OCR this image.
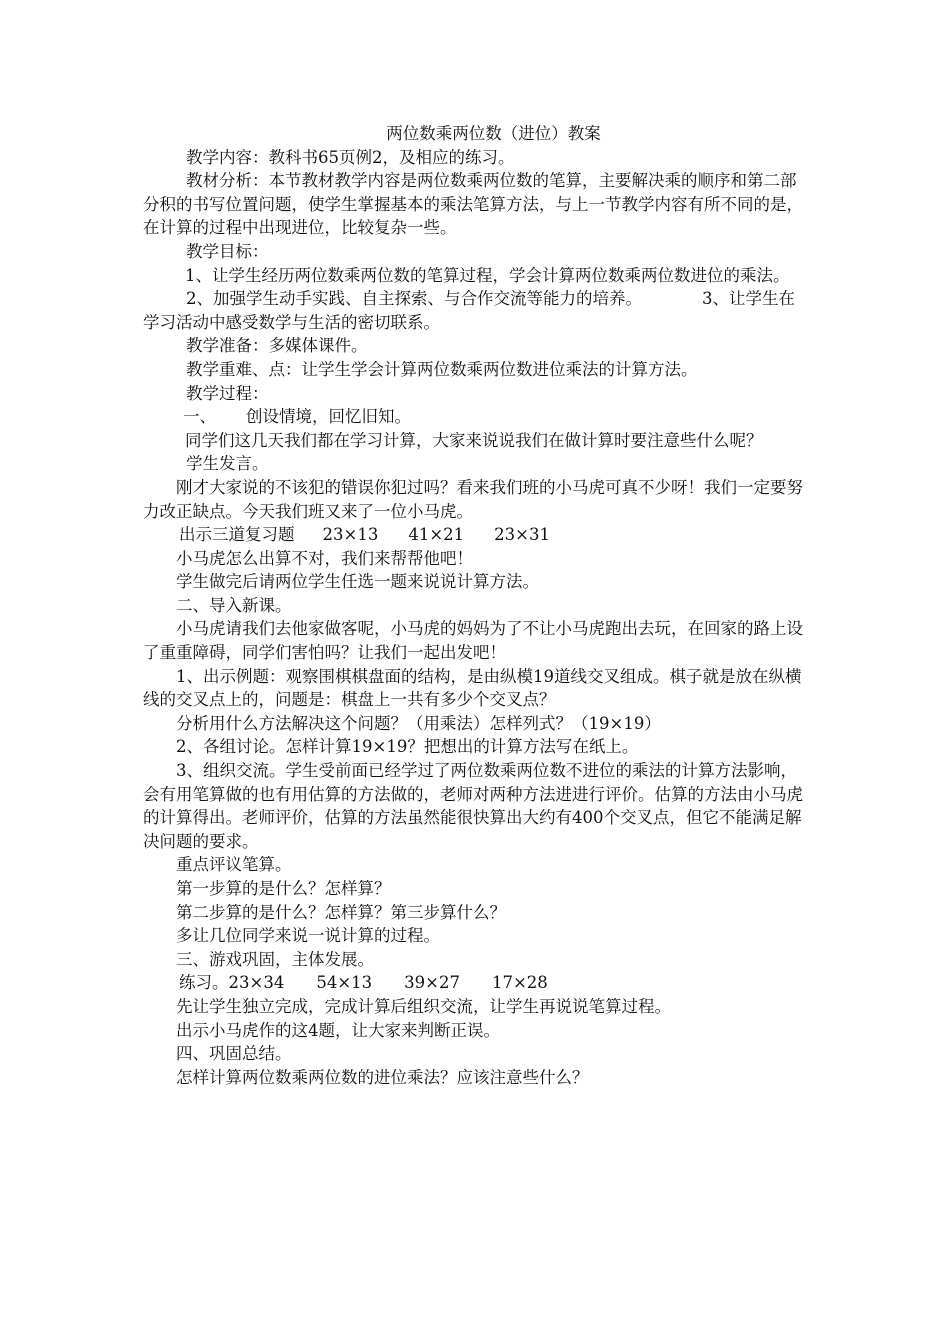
两位数乘两位数（进位）教案

教学内容：教科书65页例2，及相应的练习。

教材分析：本节教材教学内容是两位数乘两位数的笔算，主要解决乘的顺序和第二部分积的书写位置问题，使学生掌握基本的乘法笔算方法，与上一节教学内容有所不同的是，在计算的过程中出现进位，比较复杂一些。

教学目标：

1、让学生经历两位数乘两位数的笔算过程，学会计算两位数乘两位数进位的乘法。

2、加强学生动手实践、自主探索、与合作交流等能力的培养。	3、让学生在学习活动中感受数学与生活的密切联系。

教学准备：多媒体课件。

教学重难、点：让学生学会计算两位数乘两位数进位乘法的计算方法。

教学过程：

一、 创设情境，回忆旧知。

同学们这几天我们都在学习计算，大家来说说我们在做计算时要注意些什么呢？

学生发言。

刚才大家说的不该犯的错误你犯过吗？看来我们班的小马虎可真不少呀！我们一定要努力改正缺点。今天我们班又来了一位小马虎。

出示三道复习题 23×13 41×21 23×31

小马虎怎么出算不对，我们来帮帮他吧！

学生做完后请两位学生任选一题来说说计算方法。

二、导入新课。

小马虎请我们去他家做客呢，小马虎的妈妈为了不让小马虎跑出去玩，在回家的路上设了重重障碍，同学们害怕吗？让我们一起出发吧！

1、出示例题：观察围棋棋盘面的结构，是由纵模19道线交叉组成。棋子就是放在纵横线的交叉点上的，问题是：棋盘上一共有多少个交叉点？

分析用什么方法解决这个问题？（用乘法）怎样列式？（19×19）

2、各组讨论。怎样计算19×19？把想出的计算方法写在纸上。

3、组织交流。学生受前面已经学过了两位数乘两位数不进位的乘法的计算方法影响，会有用笔算做的也有用估算的方法做的，老师对两种方法进进行评价。估算的方法由小马虎的计算得出。老师评价，估算的方法虽然能很快算出大约有400个交叉点，但它不能满足解决问题的要求。

重点评议笔算。

第一步算的是什么？怎样算？

第二步算的是什么？怎样算？第三步算什么？

多让几位同学来说一说计算的过程。

三、游戏巩固，主体发展。

练习。23×34 54×13 39×27 17×28

先让学生独立完成，完成计算后组织交流，让学生再说说笔算过程。

出示小马虎作的这4题，让大家来判断正误。

四、巩固总结。

怎样计算两位数乘两位数的进位乘法？应该注意些什么？
